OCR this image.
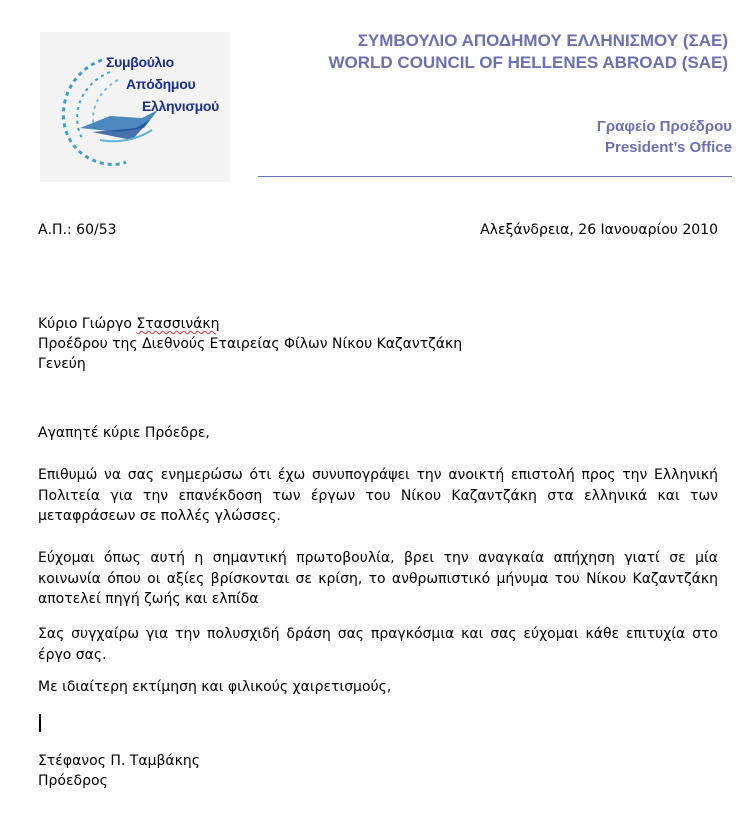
Συμβούλιο
Απόδημου
Ελληνισμού
ΣΥΜΒΟΥΛΙΟ ΑΠΟΔΗΜΟΥ ΕΛΛΗΝΙΣΜΟΥ (ΣΑΕ)
WORLD COUNCIL OF HELLENES ABROAD (SAE)
Γραφείο Προέδρου
President’s Office
Α.Π.: 60/53	Αλεξάνδρεια, 26 Ιανουαρίου 2010
Κύριο Γιώργο Στασσινάκη
Προέδρου της Διεθνούς Εταιρείας Φίλων Νίκου Καζαντζάκη
Γενεύη
Αγαπητέ κύριε Πρόεδρε,
Επιθυμώ να σας ενημερώσω ότι έχω συνυπογράψει την ανοικτή επιστολή προς την Ελληνική Πολιτεία για την επανέκδοση των έργων του Νίκου Καζαντζάκη στα ελληνικά και των μεταφράσεων σε πολλές γλώσσες.
Εύχομαι όπως αυτή η σημαντική πρωτοβουλία, βρει την αναγκαία απήχηση γιατί σε μία κοινωνία όπου οι αξίες βρίσκονται σε κρίση, το ανθρωπιστικό μήνυμα του Νίκου Καζαντζάκη αποτελεί πηγή ζωής και ελπίδα
Σας συγχαίρω για την πολυσχιδή δράση σας πραγκόσμια και σας εύχομαι κάθε επιτυχία στο έργο σας.
Με ιδιαίτερη εκτίμηση και φιλικούς χαιρετισμούς,
Στέφανος Π. Ταμβάκης
Πρόεδρος
